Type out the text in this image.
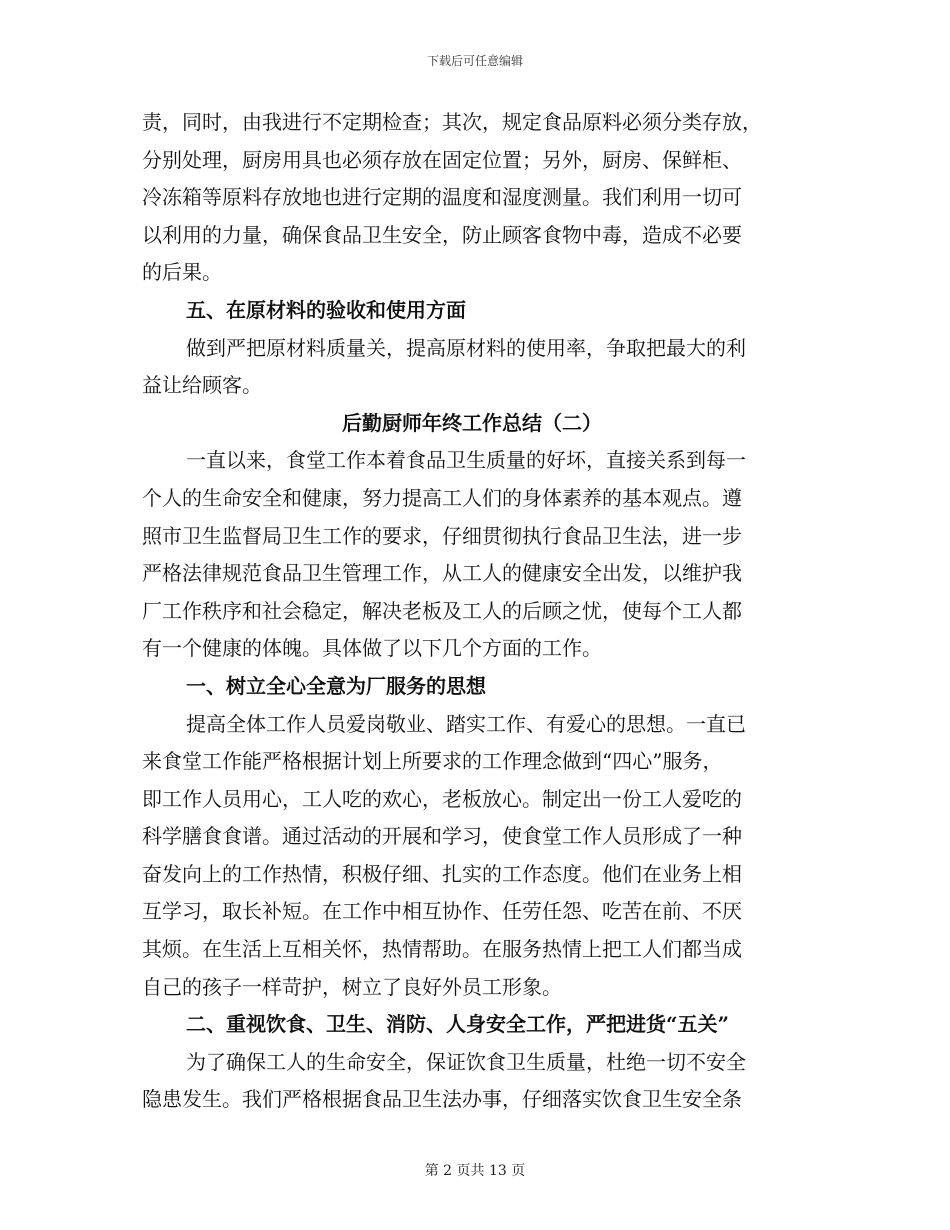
下载后可任意编辑
责，同时，由我进行不定期检查；其次，规定食品原料必须分类存放，
分别处理，厨房用具也必须存放在固定位置；另外，厨房、保鲜柜、
冷冻箱等原料存放地也进行定期的温度和湿度测量。我们利用一切可
以利用的力量，确保食品卫生安全，防止顾客食物中毒，造成不必要
的后果。
五、在原材料的验收和使用方面
做到严把原材料质量关，提高原材料的使用率，争取把最大的利
益让给顾客。
后勤厨师年终工作总结（二）
一直以来，食堂工作本着食品卫生质量的好坏，直接关系到每一
个人的生命安全和健康，努力提高工人们的身体素养的基本观点。遵
照市卫生监督局卫生工作的要求，仔细贯彻执行食品卫生法，进一步
严格法律规范食品卫生管理工作，从工人的健康安全出发，以维护我
厂工作秩序和社会稳定，解决老板及工人的后顾之忧，使每个工人都
有一个健康的体魄。具体做了以下几个方面的工作。
一、树立全心全意为厂服务的思想
提高全体工作人员爱岗敬业、踏实工作、有爱心的思想。一直已
来食堂工作能严格根据计划上所要求的工作理念做到“四心”服务，
即工作人员用心，工人吃的欢心，老板放心。制定出一份工人爱吃的
科学膳食食谱。通过活动的开展和学习，使食堂工作人员形成了一种
奋发向上的工作热情，积极仔细、扎实的工作态度。他们在业务上相
互学习，取长补短。在工作中相互协作、任劳任怨、吃苦在前、不厌
其烦。在生活上互相关怀，热情帮助。在服务热情上把工人们都当成
自己的孩子一样苛护，树立了良好外员工形象。
二、重视饮食、卫生、消防、人身安全工作，严把进货“五关”
为了确保工人的生命安全，保证饮食卫生质量，杜绝一切不安全
隐患发生。我们严格根据食品卫生法办事，仔细落实饮食卫生安全条
第 2 页共 13 页
